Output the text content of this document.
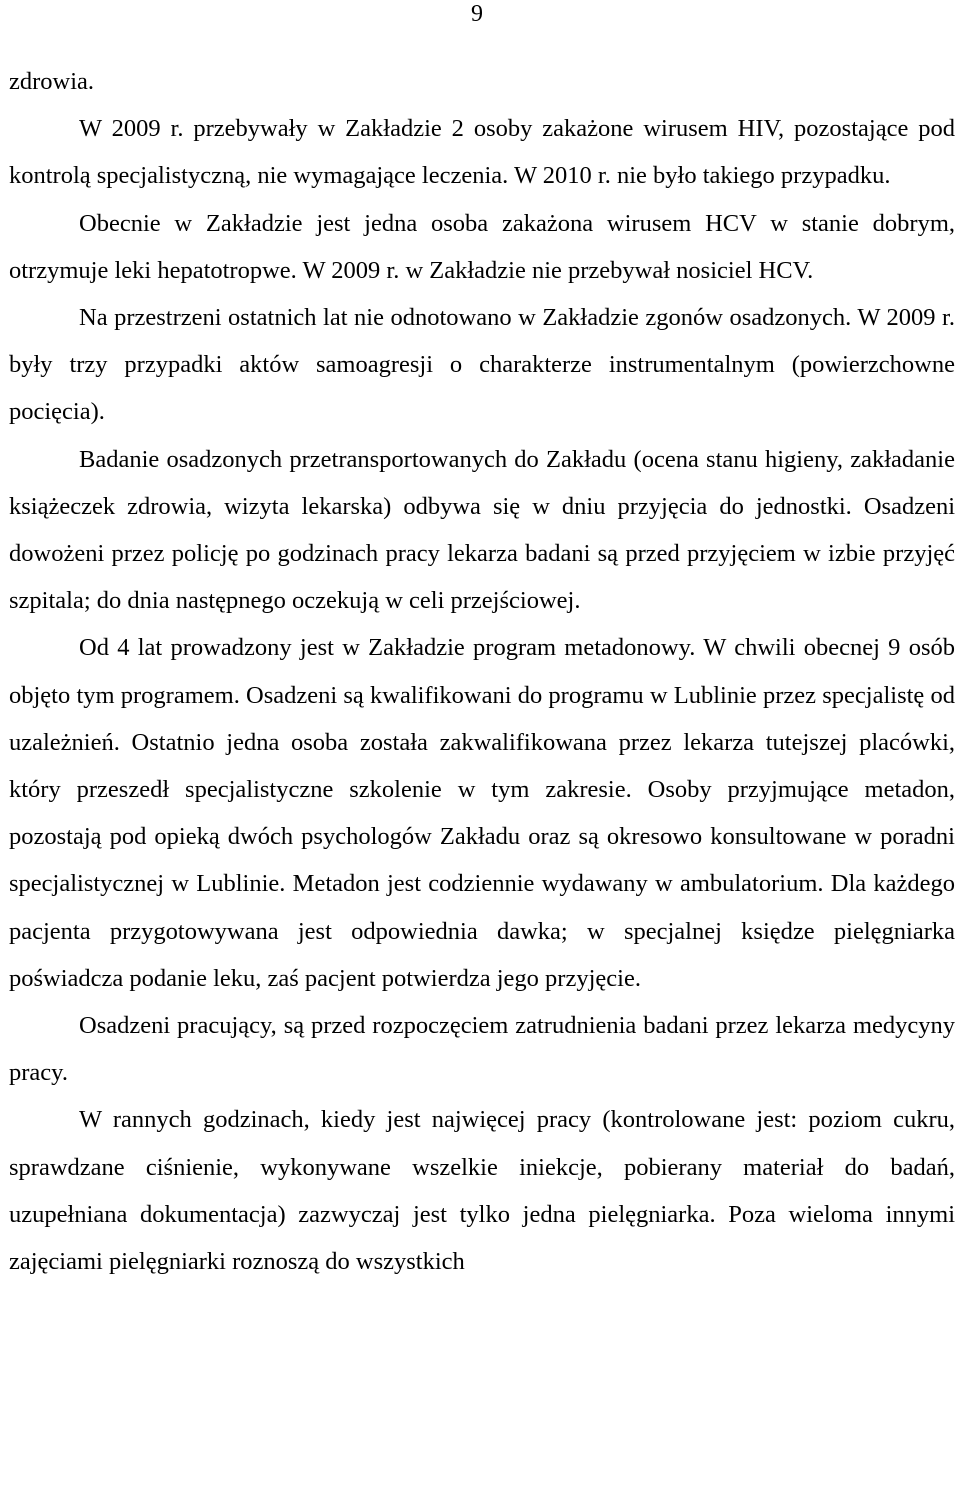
9

zdrowia.

W 2009 r. przebywały w Zakładzie 2 osoby zakażone wirusem HIV, pozostające pod kontrolą specjalistyczną, nie wymagające leczenia. W 2010 r. nie było takiego przypadku.

Obecnie w Zakładzie jest jedna osoba zakażona wirusem HCV w stanie dobrym, otrzymuje leki hepatotropwe. W 2009 r. w Zakładzie nie przebywał nosiciel HCV.

Na przestrzeni ostatnich lat nie odnotowano w Zakładzie zgonów osadzonych. W 2009 r. były trzy przypadki aktów samoagresji o charakterze instrumentalnym (powierzchowne pocięcia).

Badanie osadzonych przetransportowanych do Zakładu (ocena stanu higieny, zakładanie książeczek zdrowia, wizyta lekarska) odbywa się w dniu przyjęcia do jednostki. Osadzeni dowożeni przez policję po godzinach pracy lekarza badani są przed przyjęciem w izbie przyjęć szpitala; do dnia następnego oczekują w celi przejściowej.

Od 4 lat prowadzony jest w Zakładzie program metadonowy. W chwili obecnej 9 osób objęto tym programem. Osadzeni są kwalifikowani do programu w Lublinie przez specjalistę od uzależnień. Ostatnio jedna osoba została zakwalifikowana przez lekarza tutejszej placówki, który przeszedł specjalistyczne szkolenie w tym zakresie. Osoby przyjmujące metadon, pozostają pod opieką dwóch psychologów Zakładu oraz są okresowo konsultowane w poradni specjalistycznej w Lublinie. Metadon jest codziennie wydawany w ambulatorium. Dla każdego pacjenta przygotowywana jest odpowiednia dawka; w specjalnej księdze pielęgniarka poświadcza podanie leku, zaś pacjent potwierdza jego przyjęcie.

Osadzeni pracujący, są przed rozpoczęciem zatrudnienia badani przez lekarza medycyny pracy.

W rannych godzinach, kiedy jest najwięcej pracy (kontrolowane jest: poziom cukru, sprawdzane ciśnienie, wykonywane wszelkie iniekcje, pobierany materiał do badań, uzupełniana dokumentacja) zazwyczaj jest tylko jedna pielęgniarka. Poza wieloma innymi zajęciami pielęgniarki roznoszą do wszystkich
